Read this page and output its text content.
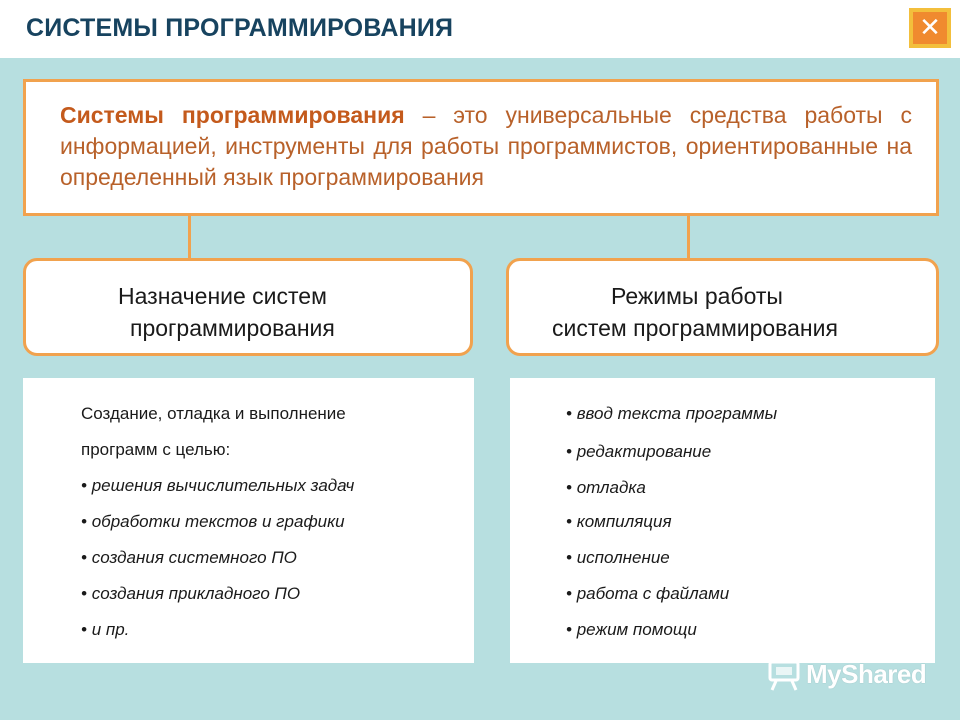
СИСТЕМЫ ПРОГРАММИРОВАНИЯ	✕
Системы программирования – это универсальные средства работы с информацией, инструменты для работы программистов, ориентированные на определенный язык программирования
Назначение систем
программирования
Режимы работы
систем программирования
Создание, отладка и выполнение
программ с целью:
• решения вычислительных задач
• обработки текстов и графики
• создания системного ПО
• создания прикладного ПО
• и пр.
• ввод текста программы
• редактирование
• отладка
• компиляция
• исполнение
• работа с файлами
• режим помощи
MyShared
